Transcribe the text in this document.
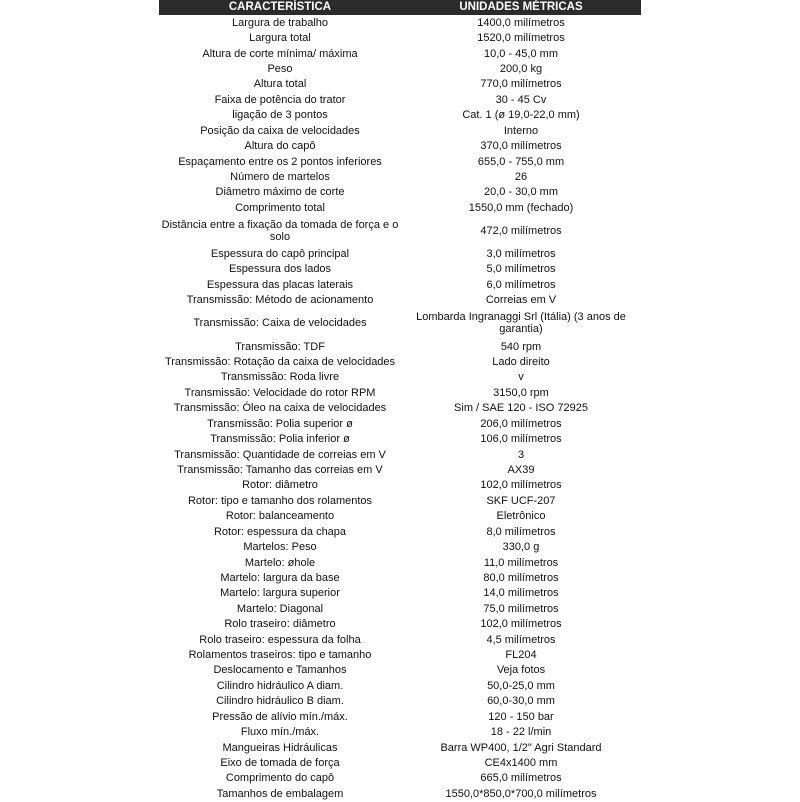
CARACTERÍSTICA	UNIDADES MÉTRICAS
Largura de trabalho	1400,0 milímetros
Largura total	1520,0 milímetros
Altura de corte mínima/ máxima	10,0 - 45,0 mm
Peso	200,0 kg
Altura total	770,0 milímetros
Faixa de potência do trator	30 - 45 Cv
ligação de 3 pontos	Cat. 1 (ø 19,0-22,0 mm)
Posição da caixa de velocidades	Interno
Altura do capô	370,0 milímetros
Espaçamento entre os 2 pontos inferiores	655,0 - 755,0 mm
Número de martelos	26
Diâmetro máximo de corte	20,0 - 30,0 mm
Comprimento total	1550,0 mm (fechado)
Distância entre a fixação da tomada de força e o solo	472,0 milímetros
Espessura do capô principal	3,0 milímetros
Espessura dos lados	5,0 milímetros
Espessura das placas laterais	6,0 milímetros
Transmissão: Método de acionamento	Correias em V
Transmissão: Caixa de velocidades	Lombarda Ingranaggi Srl (Itália) (3 anos de garantia)
Transmissão: TDF	540 rpm
Transmissão: Rotação da caixa de velocidades	Lado direito
Transmissão: Roda livre	v
Transmissão: Velocidade do rotor RPM	3150,0 rpm
Transmissão: Óleo na caixa de velocidades	Sim / SAE 120 - ISO 72925
Transmissão: Polia superior ø	206,0 milímetros
Transmissão: Polia inferior ø	106,0 milímetros
Transmissão: Quantidade de correias em V	3
Transmissão: Tamanho das correias em V	AX39
Rotor: diâmetro	102,0 milímetros
Rotor: tipo e tamanho dos rolamentos	SKF UCF-207
Rotor: balanceamento	Eletrônico
Rotor: espessura da chapa	8,0 milímetros
Martelos: Peso	330,0 g
Martelo: øhole	11,0 milímetros
Martelo: largura da base	80,0 milímetros
Martelo: largura superior	14,0 milímetros
Martelo: Diagonal	75,0 milímetros
Rolo traseiro: diâmetro	102,0 milímetros
Rolo traseiro: espessura da folha	4,5 milímetros
Rolamentos traseiros: tipo e tamanho	FL204
Deslocamento e Tamanhos	Veja fotos
Cilindro hidráulico A diam.	50,0-25,0 mm
Cilindro hidráulico B diam.	60,0-30,0 mm
Pressão de alívio mín./máx.	120 - 150 bar
Fluxo mín./máx.	18 - 22 l/min
Mangueiras Hidráulicas	Barra WP400, 1/2" Agri Standard
Eixo de tomada de força	CE4x1400 mm
Comprimento do capô	665,0 milímetros
Tamanhos de embalagem	1550,0*850,0*700,0 milímetros
